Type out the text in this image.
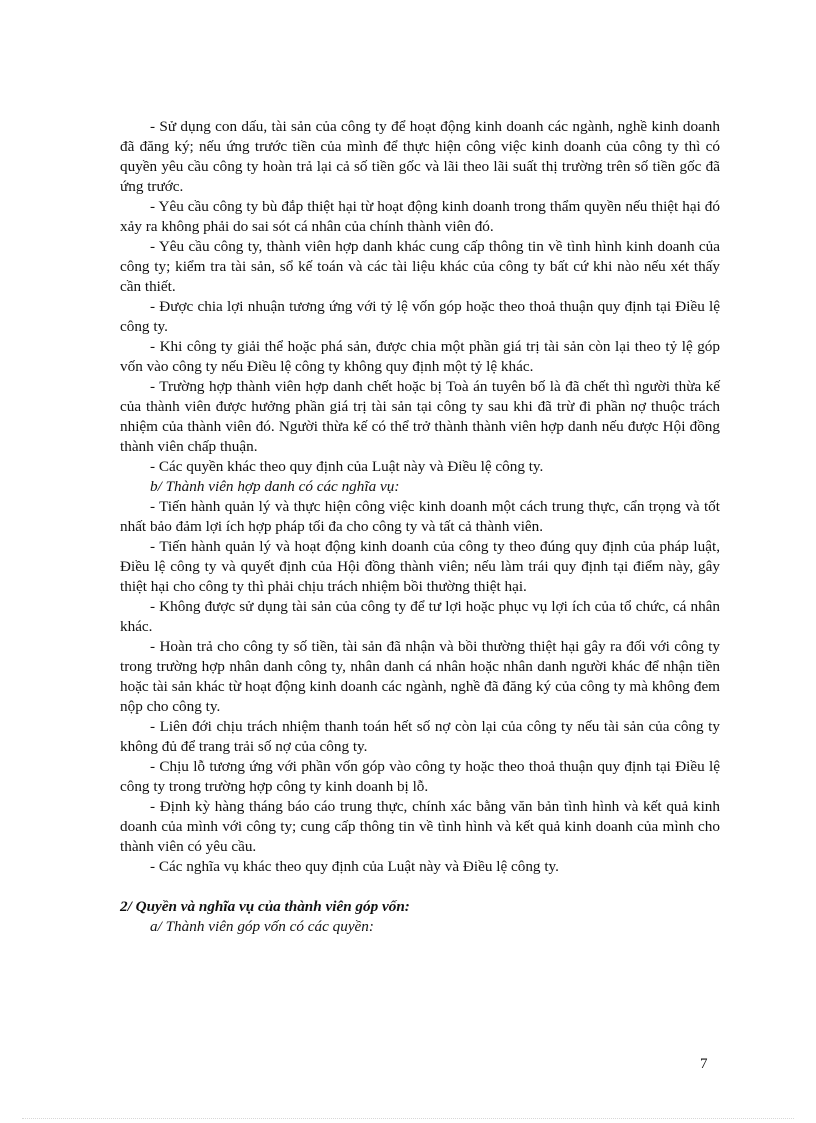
- Sử dụng con dấu, tài sản của công ty để hoạt động kinh doanh các ngành, nghề kinh doanh đã đăng ký; nếu ứng trước tiền của mình để thực hiện công việc kinh doanh của công ty thì có quyền yêu cầu công ty hoàn trả lại cả số tiền gốc và lãi theo lãi suất thị trường trên số tiền gốc đã ứng trước.

- Yêu cầu công ty bù đắp thiệt hại từ hoạt động kinh doanh trong thẩm quyền nếu thiệt hại đó xảy ra không phải do sai sót cá nhân của chính thành viên đó.

- Yêu cầu công ty, thành viên hợp danh khác cung cấp thông tin về tình hình kinh doanh của công ty; kiểm tra tài sản, sổ kế toán và các tài liệu khác của công ty bất cứ khi nào nếu xét thấy cần thiết.

- Được chia lợi nhuận tương ứng với tỷ lệ vốn góp hoặc theo thoả thuận quy định tại Điều lệ công ty.

- Khi công ty giải thể hoặc phá sản, được chia một phần giá trị tài sản còn lại theo tỷ lệ góp vốn vào công ty nếu Điều lệ công ty không quy định một tỷ lệ khác.

- Trường hợp thành viên hợp danh chết hoặc bị Toà án tuyên bố là đã chết thì người thừa kế của thành viên được hưởng phần giá trị tài sản tại công ty sau khi đã trừ đi phần nợ thuộc trách nhiệm của thành viên đó. Người thừa kế có thể trở thành thành viên hợp danh nếu được Hội đồng thành viên chấp thuận.

- Các quyền khác theo quy định của Luật này và Điều lệ công ty.

b/ Thành viên hợp danh có các nghĩa vụ:

- Tiến hành quản lý và thực hiện công việc kinh doanh một cách trung thực, cẩn trọng và tốt nhất bảo đảm lợi ích hợp pháp tối đa cho công ty và tất cả thành viên.

- Tiến hành quản lý và hoạt động kinh doanh của công ty theo đúng quy định của pháp luật, Điều lệ công ty và quyết định của Hội đồng thành viên; nếu làm trái quy định tại điểm này, gây thiệt hại cho công ty thì phải chịu trách nhiệm bồi thường thiệt hại.

- Không được sử dụng tài sản của công ty để tư lợi hoặc phục vụ lợi ích của tổ chức, cá nhân khác.

- Hoàn trả cho công ty số tiền, tài sản đã nhận và bồi thường thiệt hại gây ra đối với công ty trong trường hợp nhân danh công ty, nhân danh cá nhân hoặc nhân danh người khác để nhận tiền hoặc tài sản khác từ hoạt động kinh doanh các ngành, nghề đã đăng ký của công ty mà không đem nộp cho công ty.

- Liên đới chịu trách nhiệm thanh toán hết số nợ còn lại của công ty nếu tài sản của công ty không đủ để trang trải số nợ của công ty.

- Chịu lỗ tương ứng với phần vốn góp vào công ty hoặc theo thoả thuận quy định tại Điều lệ công ty trong trường hợp công ty kinh doanh bị lỗ.

- Định kỳ hàng tháng báo cáo trung thực, chính xác bằng văn bản tình hình và kết quả kinh doanh của mình với công ty; cung cấp thông tin về tình hình và kết quả kinh doanh của mình cho thành viên có yêu cầu.

- Các nghĩa vụ khác theo quy định của Luật này và Điều lệ công ty.

2/ Quyền và nghĩa vụ của thành viên góp vốn:

a/ Thành viên góp vốn có các quyền:

7
